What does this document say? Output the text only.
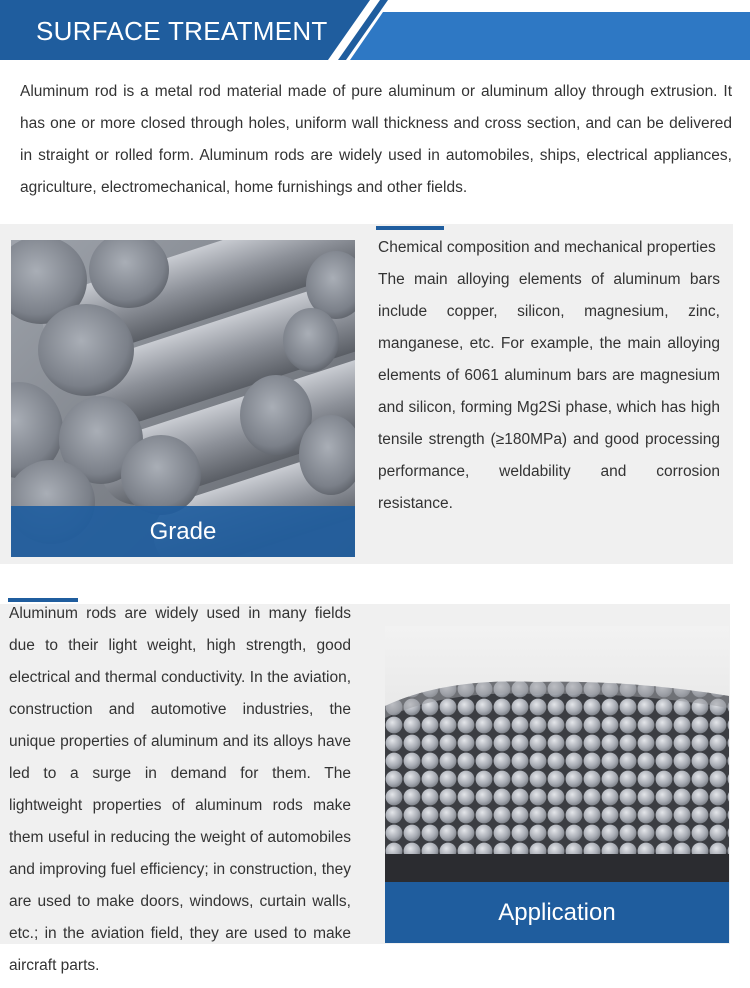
SURFACE TREATMENT

Aluminum rod is a metal rod material made of pure aluminum or aluminum alloy through extrusion. It has one or more closed through holes, uniform wall thickness and cross section, and can be delivered in straight or rolled form. Aluminum rods are widely used in automobiles, ships, electrical appliances, agriculture, electromechanical, home furnishings and other fields.

Grade

Chemical composition and mechanical properties

The main alloying elements of aluminum bars include copper, silicon, magnesium, zinc, manganese, etc. For example, the main alloying elements of 6061 aluminum bars are magnesium and silicon, forming Mg2Si phase, which has high tensile strength (≥180MPa) and good processing performance, weldability and corrosion resistance.

Aluminum rods are widely used in many fields due to their light weight, high strength, good electrical and thermal conductivity. In the aviation, construction and automotive industries, the unique properties of aluminum and its alloys have led to a surge in demand for them. The lightweight properties of aluminum rods make them useful in reducing the weight of automobiles and improving fuel efficiency; in construction, they are used to make doors, windows, curtain walls, etc.; in the aviation field, they are used to make aircraft parts.

Application
